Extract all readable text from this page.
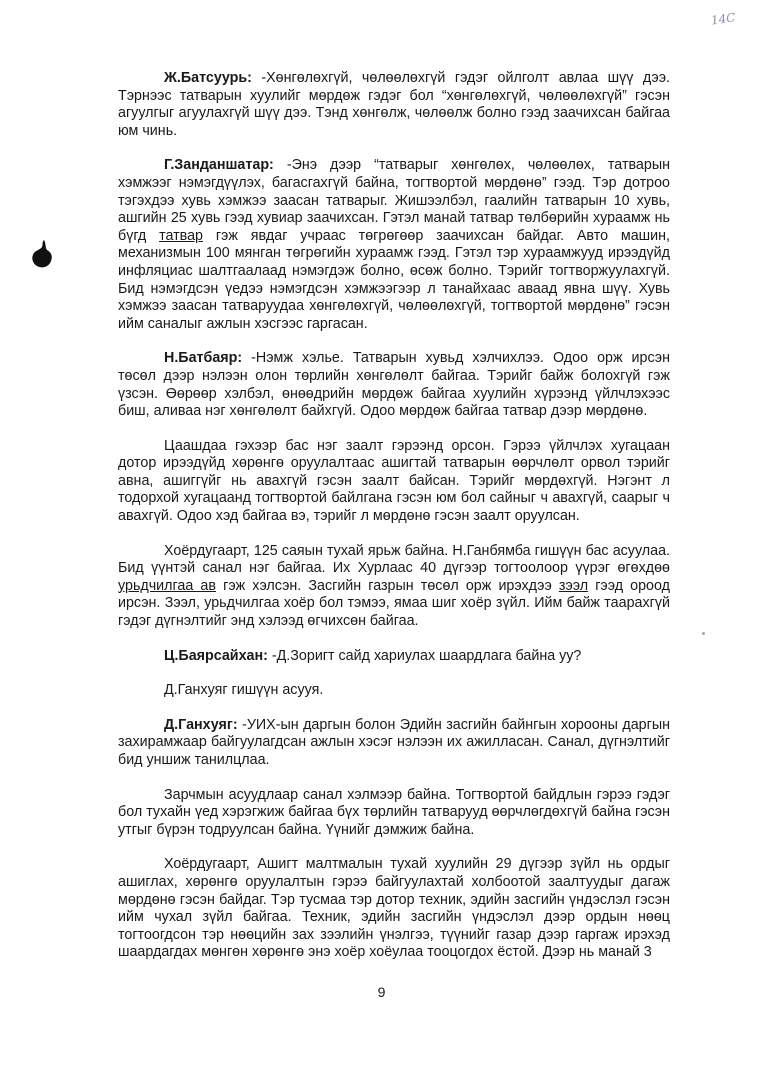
14C

Ж.Батсуурь: -Хөнгөлөхгүй, чөлөөлөхгүй гэдэг ойлголт авлаа шүү дээ. Тэрнээс татварын хуулийг мөрдөж гэдэг бол “хөнгөлөхгүй, чөлөөлөхгүй” гэсэн агуулгыг агуулахгүй шүү дээ. Тэнд хөнгөлж, чөлөөлж болно гээд заачихсан байгаа юм чинь.

Г.Занданшатар: -Энэ дээр “татварыг хөнгөлөх, чөлөөлөх, татварын хэмжээг нэмэгдүүлэх, багасгахгүй байна, тогтвортой мөрдөнө” гээд. Тэр дотроо тэгэхдээ хувь хэмжээ заасан татварыг. Жишээлбэл, гаалийн татварын 10 хувь, ашгийн 25 хувь гээд хувиар заачихсан. Гэтэл манай татвар төлбөрийн хураамж нь бүгд татвар гэж явдаг учраас төгрөгөөр заачихсан байдаг. Авто машин, механизмын 100 мянган төгрөгийн хураамж гээд. Гэтэл тэр хураамжууд ирээдүйд инфляциас шалтгаалаад нэмэгдэж болно, өсөж болно. Тэрийг тогтворжуулахгүй. Бид нэмэгдсэн үедээ нэмэгдсэн хэмжээгээр л танайхаас аваад явна шүү. Хувь хэмжээ заасан татваруудаа хөнгөлөхгүй, чөлөөлөхгүй, тогтвортой мөрдөнө” гэсэн ийм саналыг ажлын хэсгээс гаргасан.

Н.Батбаяр: -Нэмж хэлье. Татварын хувьд хэлчихлээ. Одоо орж ирсэн төсөл дээр нэлээн олон төрлийн хөнгөлөлт байгаа. Тэрийг байж болохгүй гэж үзсэн. Өөрөөр хэлбэл, өнөөдрийн мөрдөж байгаа хуулийн хүрээнд үйлчлэхээс биш, аливаа нэг хөнгөлөлт байхгүй. Одоо мөрдөж байгаа татвар дээр мөрдөнө.

Цаашдаа гэхээр бас нэг заалт гэрээнд орсон. Гэрээ үйлчлэх хугацаан дотор ирээдүйд хөрөнгө оруулалтаас ашигтай татварын өөрчлөлт орвол тэрийг авна, ашиггүйг нь авахгүй гэсэн заалт байсан. Тэрийг мөрдөхгүй. Нэгэнт л тодорхой хугацаанд тогтвортой байлгана гэсэн юм бол сайныг ч авахгүй, саарыг ч авахгүй. Одоо хэд байгаа вэ, тэрийг л мөрдөнө гэсэн заалт оруулсан.

Хоёрдугаарт, 125 саяын тухай ярьж байна. Н.Ганбямба гишүүн бас асуулаа. Бид үүнтэй санал нэг байгаа. Их Хурлаас 40 дүгээр тогтоолоор үүрэг өгөхдөө урьдчилгаа ав гэж хэлсэн. Засгийн газрын төсөл орж ирэхдээ зээл гээд ороод ирсэн. Зээл, урьдчилгаа хоёр бол тэмээ, ямаа шиг хоёр зүйл. Ийм байж таарахгүй гэдэг дүгнэлтийг энд хэлээд өгчихсөн байгаа.

Ц.Баярсайхан: -Д.Зоригт сайд хариулах шаардлага байна уу?

Д.Ганхуяг гишүүн асууя.

Д.Ганхуяг: -УИХ-ын даргын болон Эдийн засгийн байнгын хорооны даргын захирамжаар байгуулагдсан ажлын хэсэг нэлээн их ажилласан. Санал, дүгнэлтийг бид уншиж танилцлаа.

Зарчмын асуудлаар санал хэлмээр байна. Тогтвортой байдлын гэрээ гэдэг бол тухайн үед хэрэгжиж байгаа бүх төрлийн татварууд өөрчлөгдөхгүй байна гэсэн утгыг бүрэн тодруулсан байна. Үүнийг дэмжиж байна.

Хоёрдугаарт, Ашигт малтмалын тухай хуулийн 29 дүгээр зүйл нь ордыг ашиглах, хөрөнгө оруулалтын гэрээ байгуулахтай холбоотой заалтуудыг дагаж мөрдөнө гэсэн байдаг. Тэр тусмаа тэр дотор техник, эдийн засгийн үндэслэл гэсэн ийм чухал зүйл байгаа. Техник, эдийн засгийн үндэслэл дээр ордын нөөц тогтоогдсон тэр нөөцийн зах зээлийн үнэлгээ, түүнийг газар дээр гаргаж ирэхэд шаардагдах мөнгөн хөрөнгө энэ хоёр хоёулаа тооцогдох ёстой. Дээр нь манай 3

9
